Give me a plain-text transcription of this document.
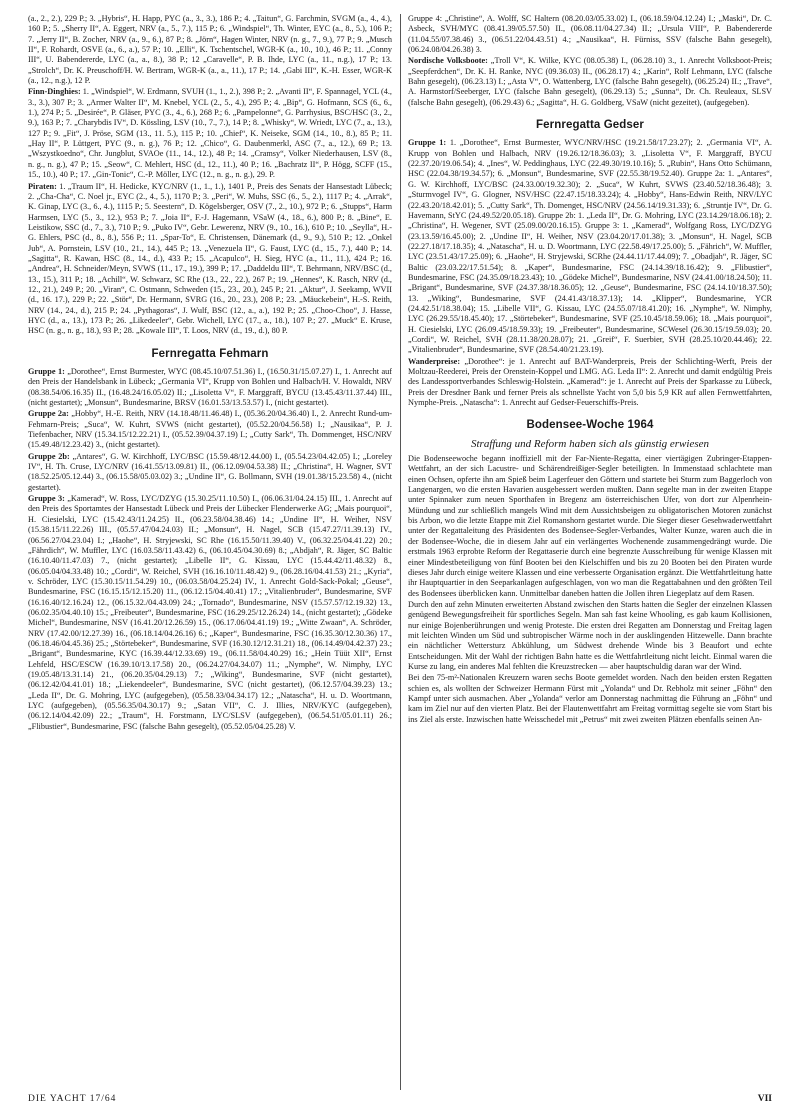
(a., 2., 2.), 229 P.; 3. „Hybris“, H. Happ, PYC (a., 3., 3.), 186 P.; 4. „Taitun“, G. Farchmin, SVGM (a., 4., 4.), 160 P.; 5. „Sherry II“, A. Eggert, NRV (a., 5., 7.), 115 P.; 6. „Windspiel“, Th. Winter, EYC (a., 8., 5.), 106 P.; 7. „Jerry II“, B. Zocher, NRV (a., 9., 6.), 87 P.; 8. „Jörn“, Hagen Winter, NRV (n. g., 7., 9.), 77 P.; 9. „Musch II“, F. Rohardt, OSVE (a., 6., a.), 57 P.; 10. „Elli“, K. Tschentschel, WGR-K (a., 10., 10.), 46 P.; 11. „Conny III“, U. Babendererde, LYC (a., a., 8.), 38 P.; 12 „Caravelle“, P. B. Ihde, LYC (a., 11., n.g.), 17 P.; 13. „Strolch“, Dr. K. Preuschoff/H. W. Bertram, WGR-K (a., a., 11.), 17 P.; 14. „Gabi III“, K.-H. Esser, WGR-K (a., 12., n.g.), 12 P.

Finn-Dinghies: 1. „Windspiel“, W. Erdmann, SVUH (1., 1., 2.), 398 P.; 2. „Avanti II“, F. Spannagel, YCL (4., 3., 3.), 307 P.; 3. „Armer Walter II“, M. Knebel, YCL (2., 5., 4.), 295 P.; 4. „Bip“, G. Hofmann, SCS (6., 6., 1.), 274 P.; 5. „Desirée“, P. Gläser, PYC (3., 4., 6.), 268 P.; 6. „Pampelonne“, G. Parrhysius, BSC/HSC (3., 2., 9.), 163 P.; 7. „Charybdis IV“, D. Kössling, LSV (10., 7., 7.), 14 P.; 8. „Whisky“, W. Wriedt, LYC (7., a., 13.), 127 P.; 9. „Fit“, J. Pröse, SGM (13., 11. 5.), 115 P.; 10. „Chief“, K. Neiseke, SGM (14., 10., 8.), 85 P.; 11. „Hay II“, P. Lüttgert, PYC (9., n. g.), 76 P.; 12. „Chico“, G. Daubenmerkl, ASC (7., a., 12.), 69 P.; 13. „Wszystkoedno“, Chr. Jungblut, SVAOe (11., 14., 12.), 48 P.; 14. „Cramsy“, Volker Niederhausen, LSV (8., n. g., n. g.), 47 P.; 15. „Seow“, C. Mehlert, HSC (d., 12., 11.), 40 P.; 16. „Bachratz II“, P. Högg, SCFF (15., 15., 10.), 40 P.; 17. „Gin-Tonic“, C.-P. Möller, LYC (12., n. g., n. g.), 29. P.

Piraten: 1. „Traum II“, H. Hedicke, KYC/NRV (1., 1., 1.), 1401 P., Preis des Senats der Hansestadt Lübeck; 2. „Cha-Cha“, C. Noel jr., EYC (2., 4., 5.), 1170 P.; 3. „Peri“, W. Muhs, SSC (6., 5., 2.), 1117 P.; 4. „Arrak“, K. Ginap, LYC (3., 6., 4.), 1115 P.; 5. Seestern“, D. Kögelsberger, OSV (7., 2., 10.), 972 P.; 6. „Stupps“, Harm Harmsen, LYC (5., 3., 12.), 953 P.; 7. „Joia II“, F.-J. Hagemann, VSaW (4., 18., 6.), 800 P.; 8. „Bine“, E. Leistikow, SSC (d., 7., 3.), 710 P.; 9. „Puko IV“, Gebr. Lewerenz, NRV (9., 10., 16.), 610 P.; 10. „Seylla“, H.-G. Ehlers, PSC (d., 8., 8.), 556 P.; 11. „Spar-To“, E. Christensen, Dänemark (d., 9., 9.), 510 P.; 12. „Onkel Jub“, A. Pornstein, LSV (10., 21., 14.), 445 P.; 13. „Venezuela II“, G. Faust, LYC (d., 15., 7.), 440 P.; 14. „Sagitta“, R. Kawan, HSC (8., 14., d.), 433 P.; 15. „Acapulco“, H. Sieg, HYC (a., 11., 11.), 424 P.; 16. „Andrea“, H. Schneider/Meyn, SVWS (11., 17., 19.), 399 P.; 17. „Daddeldu III“, T. Behrmann, NRV/BSC (d., 13., 15.), 311 P.; 18. „Achill“, W. Schwarz, SC Rhe (13., 22., 22.), 267 P.; 19. „Hennes“, K. Rasch, NRV (d., 12., 21.), 249 P.; 20. „Viran“, C. Ostmann, Schweden (15., 23., 20.), 245 P.; 21. „Aktur“, J. Seekamp, WVII (d., 16. 17.), 229 P.; 22. „Stör“, Dr. Hermann, SVRG (16., 20., 23.), 208 P.; 23. „Mäuckebein“, H.-S. Reith, NRV (14., 24., d.), 215 P.; 24. „Pythagoras“, J. Wulf, BSC (12., a., a.), 192 P.; 25. „Choo-Choo“, J. Hasse, HYC (d., a., 13.), 173 P.; 26. „Likedeeler“, Gebr. Wichell, LYC (17., a., 18.), 107 P.; 27. „Muck“ E. Kruse, HSC (n. g., n. g., 18.), 93 P.; 28. „Kowale III“, T. Loos, NRV (d., 19., d.), 80 P.

Fernregatta Fehmarn

Gruppe 1: „Dorothee“, Ernst Burmester, WYC (08.45.10/07.51.36) I., (16.50.31/15.07.27) I., 1. Anrecht auf den Preis der Handelsbank in Lübeck; „Germania VI“, Krupp von Bohlen und Halbach/H. V. Howaldt, NRV (08.38.54/06.16.35) II., (16.48.24/16.05.02) II.; „Lisoletta V“, F. Marggraff, BYCU (13.45.43/11.37.44) III., (nicht gestartet); „Monsun“, Bundesmarine, BRSV (16.01.53/13.53.57) I., (nicht gestartet).

Gruppe 2a: „Hobby“, H.-E. Reith, NRV (14.18.48/11.46.48) I., (05.36.20/04.36.40) I., 2. Anrecht Rund-um-Fehmarn-Preis; „Suca“, W. Kuhrt, SVWS (nicht gestartet), (05.52.20/04.56.58) I.; „Nausikaa“, P. J. Tiefenbacher, NRV (15.34.15/12.22.21) I., (05.52.39/04.37.19) I.; „Cutty Sark“, Th. Dommenget, HSC/NRV (15.49.48/12.23.42) 3., (nicht gestartet).

Gruppe 2b: „Antares“, G. W. Kirchhoff, LYC/BSC (15.59.48/12.44.00) I., (05.54.23/04.42.05) I.; „Loreley IV“, H. Th. Cruse, LYC/NRV (16.41.55/13.09.81) II., (06.12.09/04.53.38) II.; „Christina“, H. Wagner, SVT (18.52.25/05.12.44) 3., (06.15.58/05.03.02) 3.; „Undine II“, G. Bollmann, SVH (19.01.38/15.23.58) 4., (nicht gestartet).

Gruppe 3: „Kamerad“, W. Ross, LYC/DZYG (15.30.25/11.10.50) I., (06.06.31/04.24.15) III., 1. Anrecht auf den Preis des Sportamtes der Hansestadt Lübeck und Preis der Lübecker Flenderwerke AG; „Mais pourquoi“, H. Ciesielski, LYC (15.42.43/11.24.25) II., (06.23.58/04.38.46) 14.; „Undine II“, H. Weiher, NSV (15.38.15/11.22.26) III., (05.57.47/04.24.03) II.; „Monsun“, H. Nagel, SCB (15.47.27/11.39.13) IV., (06.56.27/04.23.04) I.; „Haohe“, H. Stryjewski, SC Rhe (16.15.50/11.39.40) V., (06.32.25/04.41.22) 20.; „Fährdich“, W. Muffler, LYC (16.03.58/11.43.42) 6., (06.10.45/04.30.69) 8.; „Abdjah“, R. Jäger, SC Baltic (16.10.40/11.47.03) 7., (nicht gestartet); „Libelle II“, G. Kissau, LYC (15.44.42/11.48.32) 8., (06.05.04/04.33.48) 10.; „Cordi“, W. Reichel, SVH (16.16.10/11.48.42) 9., (06.28.16/04.41.53) 21.; „Kyria“, v. Schröder, LYC (15.30.15/11.54.29) 10., (06.03.58/04.25.24) IV., 1. Anrecht Gold-Sack-Pokal; „Geuse“, Bundesmarine, FSC (16.15.15/12.15.20) 11., (06.12.15/04.40.41) 17.; „Vitalienbruder“, Bundesmarine, SVF (16.16.40/12.16.24) 12., (06.15.32./04.43.09) 24.; „Tornado“, Bundesmarine, NSV (15.57.57/12.19.32) 13., (06.02.35/04.40.10) 15.; „Freibeuter“, Bundesmarine, FSC (16.29.25/12.26.24) 14., (nicht gestartet); „Gödeke Michel“, Bundesmarine, NSV (16.41.20/12.26.59) 15., (06.17.06/04.41.19) 19.; „Witte Zwaan“, A. Schröder, NRV (17.42.00/12.27.39) 16., (06.18.14/04.26.16) 6.; „Kaper“, Bundesmarine, FSC (16.35.30/12.30.36) 17., (06.18.46/04.45.36) 25.; „Störtebeker“, Bundesmarine, SVF (16.30.12/12.31.21) 18., (06.14.49/04.42.37) 23.; „Brigant“, Bundesmarine, KYC (16.39.44/12.33.69) 19., (06.11.58/04.40.29) 16.; „Hein Tüüt XII“, Ernst Lehfeld, HSC/ESCW (16.39.10/13.17.58) 20., (06.24.27/04.34.07) 11.; „Nymphe“, W. Nimphy, LYC (19.05.48/13.31.14) 21., (06.20.35/04.29.13) 7.; „Wiking“, Bundesmarine, SVF (nicht gestartet), (06.12.42/04.41.01) 18.; „Liekendeeler“, Bundesmarine, SVC (nicht gestartet), (06.12.57/04.39.23) 13.; „Leda II“, Dr. G. Mohring, LYC (aufgegeben), (05.58.33/04.34.17) 12.; „Natascha“, H. u. D. Woortmann, LYC (aufgegeben), (05.56.35/04.30.17) 9.; „Satan VII“, C. J. Illies, NRV/KYC (aufgegeben), (06.12.14/04.42.09) 22.; „Traum“, H. Forstmann, LYC/SLSV (aufgegeben), (06.54.51/05.01.11) 26.; „Flibustier“, Bundesmarine, FSC (falsche Bahn gesegelt), (05.52.05/04.25.28) V.

Gruppe 4: „Christine“, A. Wolff, SC Haltern (08.20.03/05.33.02) I., (06.18.59/04.12.24) I.; „Maski“, Dr. C. Asbeck, SVH/MYC (08.41.39/05.57.50) II., (06.08.11/04.27.34) II.; „Ursula VIII“, P. Babendererde (11.04.55/07.38.46) 3., (06.51.22/04.43.51) 4.; „Nausikaa“, H. Fürniss, SSV (falsche Bahn gesegelt), (06.24.08/04.26.38) 3.

Nordische Volksboote: „Troll V“, K. Wilke, KYC (08.05.38) I., (06.28.10) 3., 1. Anrecht Volksboot-Preis; „Seepferdchen“, Dr. K. H. Ranke, NYC (09.36.03) II., (06.28.17) 4.; „Karin“, Rolf Lehmann, LYC (falsche Bahn gesegelt), (06.23.13) I.; „Asta V“, O. Wattenberg, LYC (falsche Bahn gesegelt), (06.25.24) II.; „Trave“, A. Harmstorf/Seeberger, LYC (falsche Bahn gesegelt), (06.29.13) 5.; „Sunna“, Dr. Ch. Reuleaux, SLSV (falsche Bahn gesegelt), (06.29.43) 6.; „Sagitta“, H. G. Goldberg, VSaW (nicht gezeitet), (aufgegeben).

Fernregatta Gedser

Gruppe 1: 1. „Dorothee“, Ernst Burmester, WYC/NRV/HSC (19.21.58/17.23.27); 2. „Germania VI“, A. Krupp von Bohlen und Halbach, NRV (19.26.12/18.36.03); 3. „Lisoletta V“, F. Marggraff, BYCU (22.37.20/19.06.54); 4. „Ines“, W. Peddinghaus, LYC (22.49.30/19.10.16); 5. „Rubin“, Hans Otto Schümann, HSC (22.04.38/19.34.57); 6. „Monsun“, Bundesmarine, SVF (22.55.38/19.52.40). Gruppe 2a: 1. „Antares“, G. W. Kirchhoff, LYC/BSC (24.33.00/19.32.30); 2. „Suca“, W Kuhrt, SVWS (23.40.52/18.36.48); 3. „Sturmvogel IV“, G. Glogner, NSV/HSC (22.47.15/18.33.24); 4. „Hobby“, Hans-Edwin Reith, NRV/LYC (22.43.20/18.42.01); 5. „Cutty Sark“, Th. Domenget, HSC/NRV (24.56.14/19.31.33); 6. „Struntje IV“, Dr. G. Havemann, StYC (24.49.52/20.05.18). Gruppe 2b: 1. „Leda II“, Dr. G. Mohring, LYC (23.14.29/18.06.18); 2. „Christina“, H. Wegener, SVT (25.09.00/20.16.15). Gruppe 3: 1. „Kamerad“, Wolfgang Ross, LYC/DZYG (23.13.59/16.45.00); 2. „Undine II“, H. Weiher, NSV (23.04.20/17.01.38); 3. „Monsun“, H. Nagel, SCB (22.27.18/17.18.35); 4. „Natascha“, H. u. D. Woortmann, LYC (22.58.49/17.25.00); 5. „Fährich“, W. Muffler, LYC (23.51.43/17.25.09); 6. „Haohe“, H. Stryjewski, SCRhe (24.44.11/17.44.09); 7. „Obadjah“, R. Jäger, SC Baltic (23.03.22/17.51.54); 8. „Kaper“, Bundesmarine, FSC (24.14.39/18.16.42); 9. „Flibustier“, Bundesmarine, FSC (24.35.09/18.23.43); 10. „Gödeke Michel“, Bundesmarine, NSV (24.41.00/18.24.50); 11. „Brigant“, Bundesmarine, SVF (24.37.38/18.36.05); 12. „Geuse“, Bundesmarine, FSC (24.14.10/18.37.50); 13. „Wiking“, Bundesmarine, SVF (24.41.43/18.37.13); 14. „Klipper“, Bundesmarine, YCR (24.42.51/18.38.04); 15. „Libelle VII“, G. Kissau, LYC (24.55.07/18.41.20); 16. „Nymphe“, W. Nimphy, LYC (26.29.55/18.45.40); 17. „Störtebeker“, Bundesmarine, SVF (25.10.45/18.59.06); 18. „Mais pourquoi“, H. Ciesielski, LYC (26.09.45/18.59.33); 19. „Freibeuter“, Bundesmarine, SCWesel (26.30.15/19.59.03); 20. „Cordi“, W. Reichel, SVH (28.11.38/20.28.07); 21. „Greif“, F. Suerbier, SVH (28.25.10/20.44.46); 22. „Vitalienbruder“, Bundesmarine, SVF (28.54.40/21.23.19).

Wanderpreise: „Dorothee“: je 1. Anrecht auf BAT-Wanderpreis, Preis der Schlichting-Werft, Preis der Moltzau-Reederei, Preis der Orenstein-Koppel und LMG. AG. Leda II“: 2. Anrecht und damit endgültig Preis des Landessportverbandes Schleswig-Holstein. „Kamerad“: je 1. Anrecht auf Preis der Sparkasse zu Lübeck, Preis der Dresdner Bank und ferner Preis als schnellste Yacht von 5,0 bis 5,9 KR auf allen Fernwettfahrten, Nymphe-Preis. „Natascha“: 1. Anrecht auf Gedser-Feuerschiffs-Preis.

Bodensee-Woche 1964
Straffung und Reform haben sich als günstig erwiesen

Die Bodenseewoche begann inoffiziell mit der Far-Niente-Regatta, einer viertägigen Zubringer-Etappen-Wettfahrt, an der sich Lacustre- und Schärendreißiger-Segler beteiligten. In Immenstaad schlachtete man einen Ochsen, opferte ihn am Spieß beim Lagerfeuer den Göttern und startete bei Sturm zum Baggerloch von Langenargen, wo die ersten Havarien ausgebessert werden mußten. Dann segelte man in der zweiten Etappe unter Spinnaker zum neuen Sporthafen in Bregenz am österreichischen Ufer, von dort zur Alpenrhein-Mündung und zur schließlich mangels Wind mit dem Aussichtsbeigen zu obligatorischen Motoren zunächst bis Arbon, wo die letzte Etappe mit Ziel Romanshorn gestartet wurde. Die Sieger dieser Gesehwaderwettfahrt unter der Regattaleitung des Präsidenten des Bodensee-Segler-Verbandes, Walter Kunze, waren auch die in der Bodensee-Woche, die in diesem Jahr auf ein verlängertes Wochenende zusammengedrängt wurde. Die erstmals 1963 erprobte Reform der Regattaserie durch eine begrenzte Ausschreibung für wenige Klassen mit einer Mindestbeteiligung von fünf Booten bei den Kielschiffen und bis zu 20 Booten bei den Piraten wurde dieses Jahr durch einige weitere Klassen und eine verbesserte Organisation ergänzt. Die Wettfahrtleitung hatte ihr Hauptquartier in den Seeparkanlagen aufgeschlagen, von wo man die Regattabahnen und den größten Teil des Bodensees überblicken kann. Unmittelbar daneben hatten die Jollen ihren Liegeplatz auf dem Rasen.

Durch den auf zehn Minuten erweiterten Abstand zwischen den Starts hatten die Segler der einzelnen Klassen genügend Bewegungsfreiheit für sportliches Segeln. Man sah fast keine Whooling, es gab kaum Kollisionen, nur einige Bojenberührungen und wenig Proteste. Die ersten drei Regatten am Donnerstag und Freitag lagen mit leichten Winden um Süd und subtropischer Wärme noch in der ausklingenden Hitzewelle. Dann brachte ein nächtlicher Wettersturz Abkühlung, um Südwest drehende Winde bis 3 Beaufort und echte Entscheidungen. Mit der Wahl der richtigen Bahn hatte es die Wettfahrtleitung nicht leicht. Einmal waren die Kurse zu lang, ein anderes Mal fehlten die Kreuzstrecken — aber hauptschuldig daran war der Wind.

Bei den 75-m²-Nationalen Kreuzern waren sechs Boote gemeldet worden. Nach den beiden ersten Regatten schien es, als wollten der Schweizer Hermann Fürst mit „Yolanda“ und Dr. Rebholz mit seiner „Föhn“ den Kampf unter sich ausmachen. Aber „Yolanda“ verlor am Donnerstag nachmittag die Führung an „Föhn“ und kam im Ziel nur auf den vierten Platz. Bei der Flautenwettfahrt am Freitag vormittag segelte sie vom Start bis ins Ziel als erste. Inzwischen hatte Weisschedel mit „Petrus“ mit zwei zweiten Plätzen ebenfalls seinen An-

DIE YACHT 17/64	VII
